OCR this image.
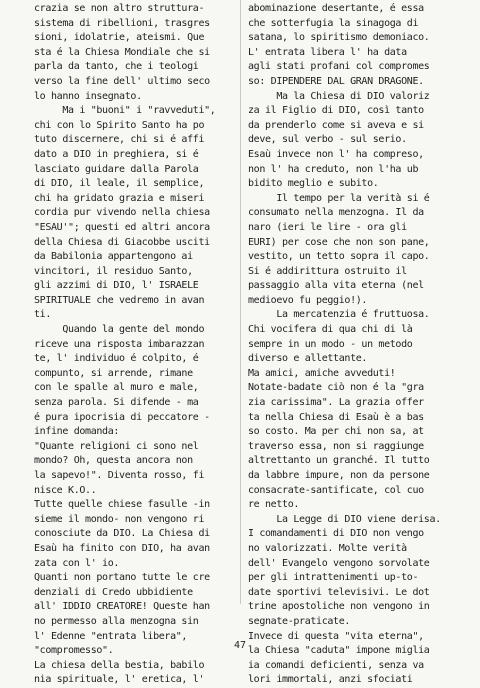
crazia se non altro struttura-
sistema di ribellioni, trasgres
sioni, idolatrie, ateismi. Que
sta é la Chiesa Mondiale che si
parla da tanto, che i teologi
verso la fine dell' ultimo seco
lo hanno insegnato.
Ma i "buoni" i "ravveduti",
chi con lo Spirito Santo ha po
tuto discernere, chi si é affi
dato a DIO in preghiera, si é
lasciato guidare dalla Parola
di DIO, il leale, il semplice,
chi ha gridato grazia e miseri
cordia pur vivendo nella chiesa
"ESAU'"; questi ed altri ancora
della Chiesa di Giacobbe usciti
da Babilonia appartengono ai
vincitori, il residuo Santo,
gli azzimi di DIO, l' ISRAELE
SPIRITUALE che vedremo in avan
ti.
Quando la gente del mondo
riceve una risposta imbarazzan
te, l' individuo é colpito, é
compunto, si arrende, rimane
con le spalle al muro e male,
senza parola. Si difende - ma
é pura ipocrisia di peccatore -
infine domanda:
"Quante religioni ci sono nel
mondo? Oh, questa ancora non
la sapevo!". Diventa rosso, fi
nisce K.O..
Tutte quelle chiese fasulle -in
sieme il mondo- non vengono ri
conosciute da DIO. La Chiesa di
Esaù ha finito con DIO, ha avan
zata con l' io.
Quanti non portano tutte le cre
denziali di Credo ubbidiente
all' IDDIO CREATORE! Queste han
no permesso alla menzogna sin
l' Edenne "entrata libera",
"compromesso".
La chiesa della bestia, babilo
nia spirituale, l' eretica, l'
abominazione desertante, é essa
che sotterfugia la sinagoga di
satana, lo spiritismo demoniaco.
L' entrata libera l' ha data
agli stati profani col compromes
so: DIPENDERE DAL GRAN DRAGONE.
Ma la Chiesa di DIO valoriz
za il Figlio di DIO, così tanto
da prenderlo come si aveva e si
deve, sul verbo - sul serio.
Esaù invece non l' ha compreso,
non l' ha creduto, non l'ha ub
bidito meglio e subito.
Il tempo per la verità si é
consumato nella menzogna. Il da
naro (ieri le lire - ora gli
EURI) per cose che non son pane,
vestito, un tetto sopra il capo.
Si é addirittura ostruito il
passaggio alla vita eterna (nel
medioevo fu peggio!).
La mercatenzia é fruttuosa.
Chi vocifera di qua chi di là
sempre in un modo - un metodo
diverso e allettante.
Ma amici, amiche avveduti!
Notate-badate ciò non é la "gra
zia carissima". La grazia offer
ta nella Chiesa di Esaù è a bas
so costo. Ma per chi non sa, at
traverso essa, non si raggiunge
altrettanto un granché. Il tutto
da labbre impure, non da persone
consacrate-santificate, col cuo
re netto.
La Legge di DIO viene derisa.
I comandamenti di DIO non vengo
no valorizzati. Molte verità
dell' Evangelo vengono sorvolate
per gli intrattenimenti up-to-
date sportivi televisivi. Le dot
trine apostoliche non vengono in
segnate-praticate.
Invece di questa "vita eterna",
la Chiesa "caduta" impone miglia
ia comandi deficienti, senza va
lori immortali, anzi sfociati
47
